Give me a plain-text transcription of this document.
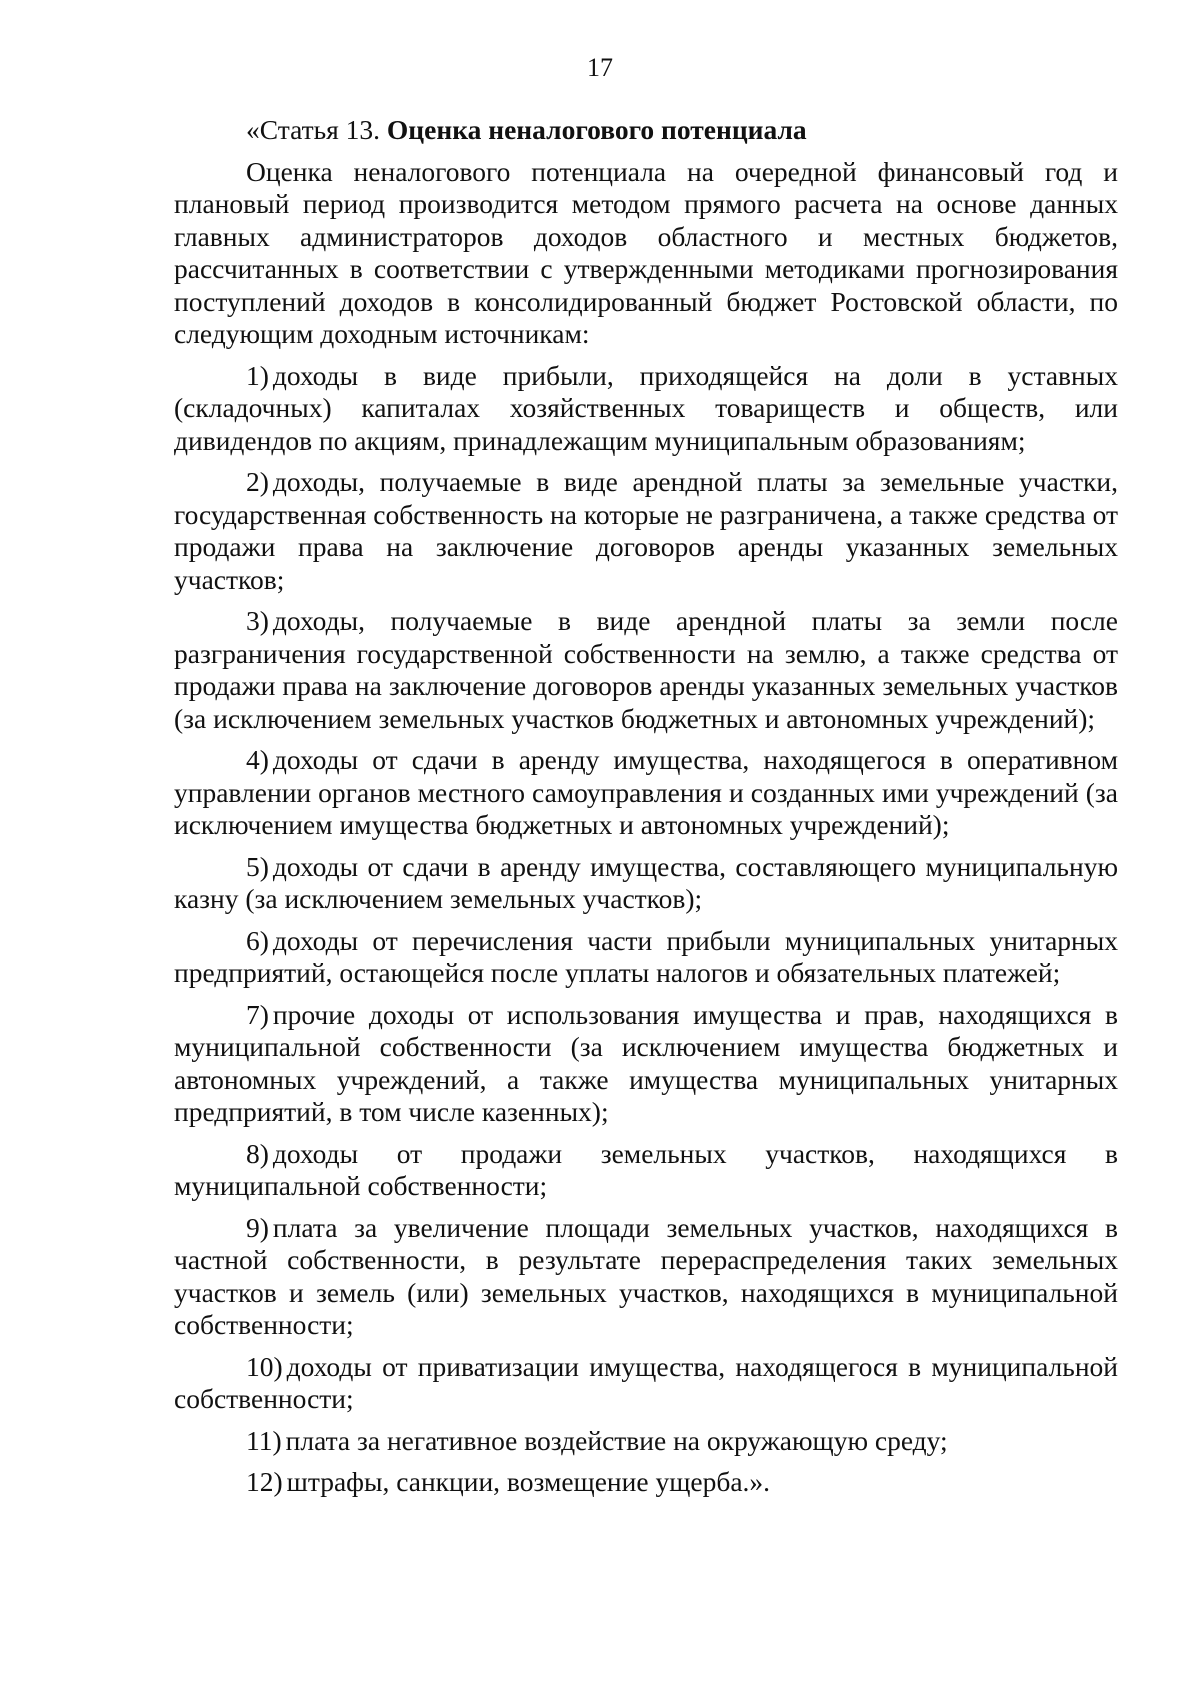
17

«Статья 13. Оценка неналогового потенциала

Оценка неналогового потенциала на очередной финансовый год и плановый период производится методом прямого расчета на основе данных главных администраторов доходов областного и местных бюджетов, рассчитанных в соответствии с утвержденными методиками прогнозирования поступлений доходов в консолидированный бюджет Ростовской области, по следующим доходным источникам:

1) доходы в виде прибыли, приходящейся на доли в уставных (складочных) капиталах хозяйственных товариществ и обществ, или дивидендов по акциям, принадлежащим муниципальным образованиям;

2) доходы, получаемые в виде арендной платы за земельные участки, государственная собственность на которые не разграничена, а также средства от продажи права на заключение договоров аренды указанных земельных участков;

3) доходы, получаемые в виде арендной платы за земли после разграничения государственной собственности на землю, а также средства от продажи права на заключение договоров аренды указанных земельных участков (за исключением земельных участков бюджетных и автономных учреждений);

4) доходы от сдачи в аренду имущества, находящегося в оперативном управлении органов местного самоуправления и созданных ими учреждений (за исключением имущества бюджетных и автономных учреждений);

5) доходы от сдачи в аренду имущества, составляющего муниципальную казну (за исключением земельных участков);

6) доходы от перечисления части прибыли муниципальных унитарных предприятий, остающейся после уплаты налогов и обязательных платежей;

7) прочие доходы от использования имущества и прав, находящихся в муниципальной собственности (за исключением имущества бюджетных и автономных учреждений, а также имущества муниципальных унитарных предприятий, в том числе казенных);

8) доходы от продажи земельных участков, находящихся в муниципальной собственности;

9) плата за увеличение площади земельных участков, находящихся в частной собственности, в результате перераспределения таких земельных участков и земель (или) земельных участков, находящихся в муниципальной собственности;

10) доходы от приватизации имущества, находящегося в муниципальной собственности;

11) плата за негативное воздействие на окружающую среду;

12) штрафы, санкции, возмещение ущерба.».
